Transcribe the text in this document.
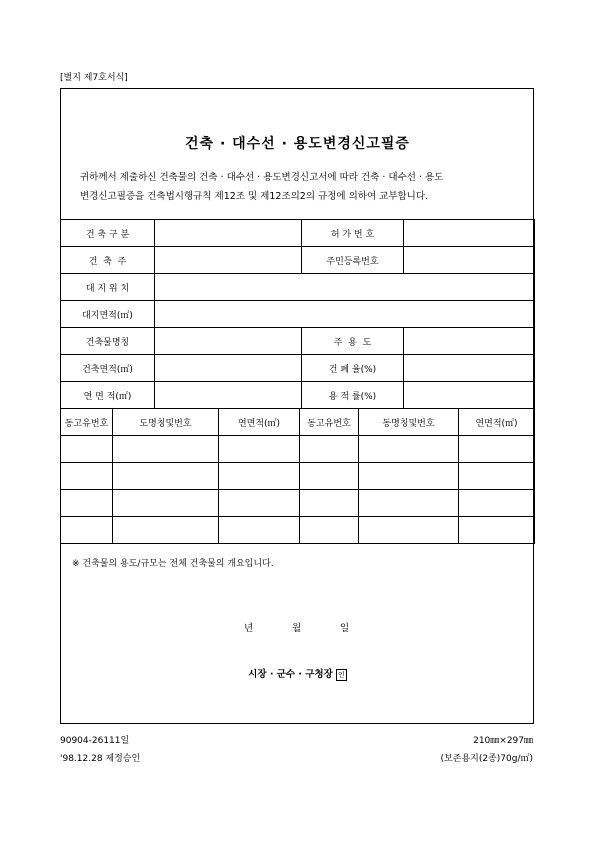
[별지 제7호서식]
건축 · 대수선 · 용도변경신고필증
귀하께서 제출하신 건축물의 건축 · 대수선 · 용도변경신고서에 따라 건축 · 대수선 · 용도
변경신고필증을 건축법시행규칙 제12조 및 제12조의2의 규정에 의하여 교부합니다.
건 축 구 분		허 가 번 호	
건  축  주		주민등록번호	
대 지 위 치			
대지면적(㎡)			
건축물명칭		주  용  도	
건축면적(㎡)		건 폐 율(%)	
연 면 적(㎡)		용 적 률(%)	
동고유번호	도명칭및번호	연면적(㎡)	동고유번호	동명칭및번호	연면적(㎡)

※ 건축물의 용도/규모는 전체 건축물의 개요입니다.
년	월	일
시장 · 군수 · 구청장 인
90904-26111일
'98.12.28 제정승인
210㎜×297㎜
(보존용지(2종)70g/㎡)
